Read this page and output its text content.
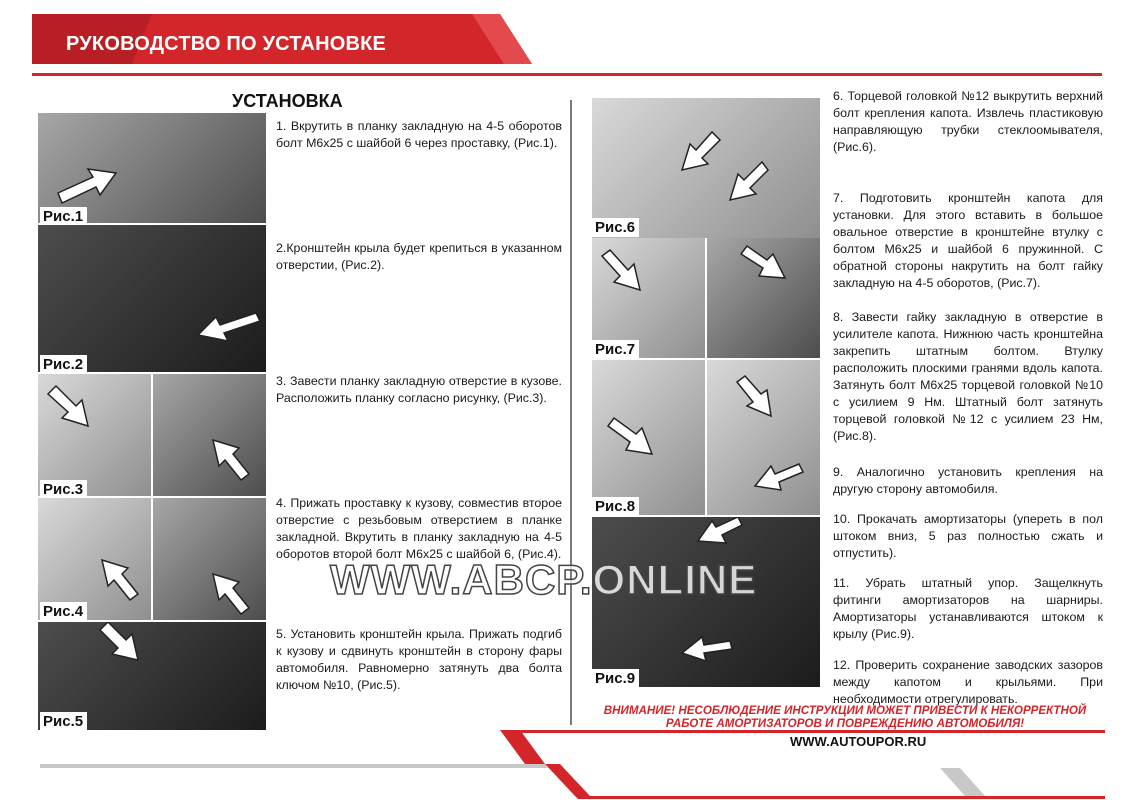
РУКОВОДСТВО ПО УСТАНОВКЕ
УСТАНОВКА
Рис.1
Рис.2
Рис.3
Рис.4
Рис.5
Рис.6
Рис.7
Рис.8
Рис.9
1. Вкрутить в планку закладную на 4-5 оборотов болт М6х25 с шайбой 6 через проставку, (Рис.1).
2.Кронштейн крыла будет крепиться в указанном отверстии, (Рис.2).
3. Завести планку закладную отверстие в кузове. Расположить планку согласно рисунку, (Рис.3).
4. Прижать проставку к кузову, совместив второе отверстие с резьбовым отверстием в планке закладной. Вкрутить в планку закладную на 4-5 оборотов второй болт М6х25 с шайбой 6, (Рис.4).
5. Установить кронштейн крыла. Прижать подгиб к кузову и сдвинуть кронштейн в сторону фары автомобиля. Равномерно затянуть два болта ключом №10, (Рис.5).
6. Торцевой головкой №12 выкрутить верхний болт крепления капота. Извлечь пластиковую направляющую трубки стеклоомывателя, (Рис.6).
7. Подготовить кронштейн капота для установки. Для этого вставить в большое овальное отверстие в кронштейне втулку с болтом М6х25 и шайбой 6 пружинной. С обратной стороны накрутить на болт гайку закладную на 4-5 оборотов, (Рис.7).
8. Завести гайку закладную в отверстие в усилителе капота. Нижнюю часть кронштейна закрепить штатным болтом. Втулку расположить плоскими гранями вдоль капота. Затянуть болт М6х25 торцевой головкой №10 с усилием 9 Нм. Штатный болт затянуть торцевой головкой №12 с усилием 23 Нм, (Рис.8).
9. Аналогично установить крепления на другую сторону автомобиля.
10. Прокачать амортизаторы (упереть в пол штоком вниз, 5 раз полностью сжать и отпустить).
11. Убрать штатный упор. Защелкнуть фитинги амортизаторов на шарниры. Амортизаторы устанавливаются штоком к крылу (Рис.9).
12. Проверить сохранение заводских зазоров между капотом и крыльями. При необходимости отрегулировать.
WWW.ABCP.ONLINE
ВНИМАНИЕ! НЕСОБЛЮДЕНИЕ ИНСТРУКЦИИ МОЖЕТ ПРИВЕСТИ К НЕКОРРЕКТНОЙ
РАБОТЕ АМОРТИЗАТОРОВ И ПОВРЕЖДЕНИЮ АВТОМОБИЛЯ!
WWW.AUTOUPOR.RU
